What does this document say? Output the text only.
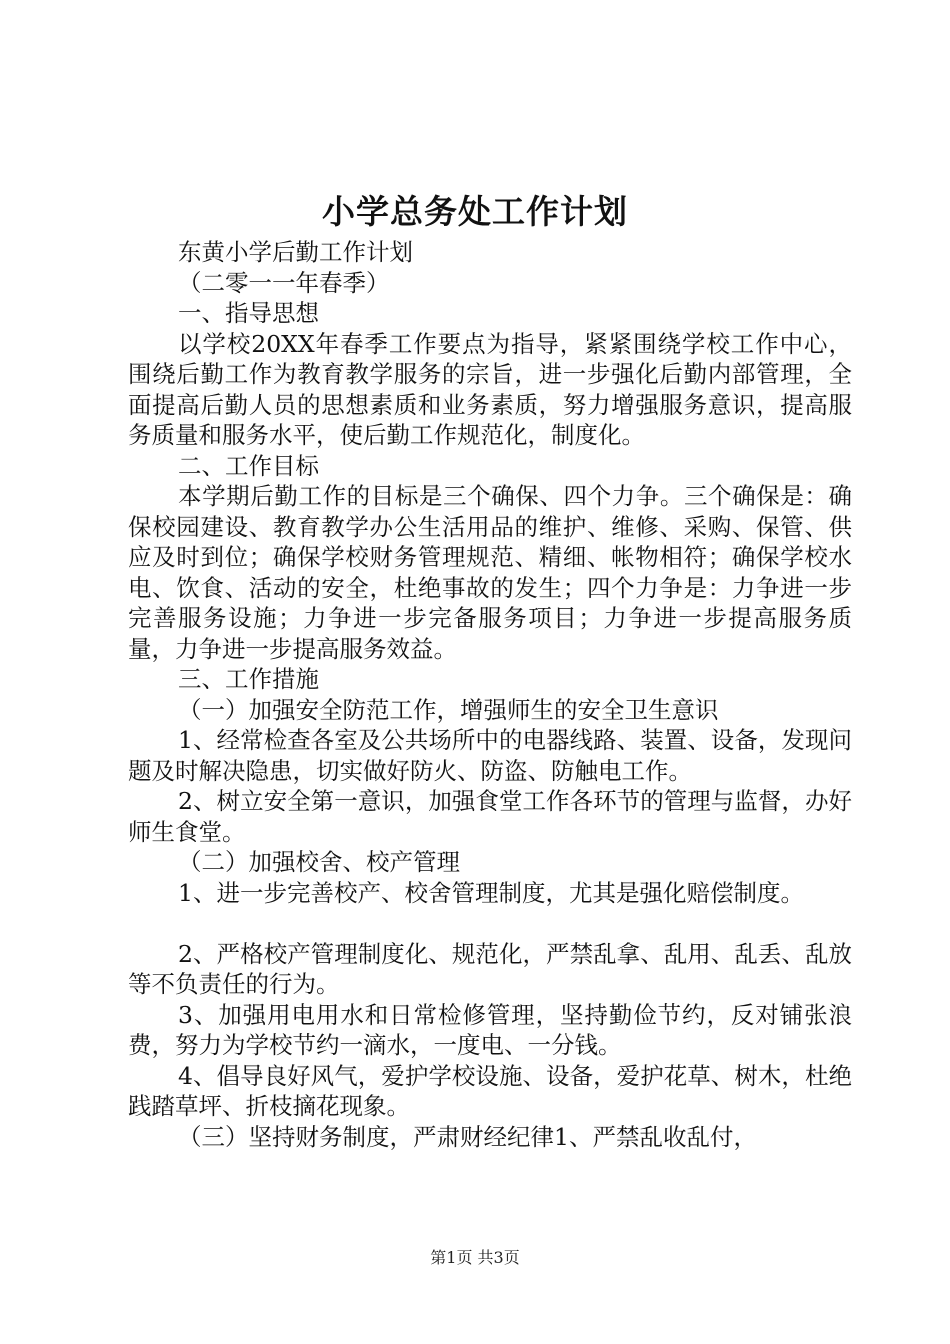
小学总务处工作计划

东黄小学后勤工作计划

（二零一一年春季）

一、指导思想

以学校20XX年春季工作要点为指导，紧紧围绕学校工作中心，围绕后勤工作为教育教学服务的宗旨，进一步强化后勤内部管理，全面提高后勤人员的思想素质和业务素质，努力增强服务意识，提高服务质量和服务水平，使后勤工作规范化，制度化。

二、工作目标

本学期后勤工作的目标是三个确保、四个力争。三个确保是：确保校园建设、教育教学办公生活用品的维护、维修、采购、保管、供应及时到位；确保学校财务管理规范、精细、帐物相符；确保学校水电、饮食、活动的安全，杜绝事故的发生；四个力争是：力争进一步完善服务设施；力争进一步完备服务项目；力争进一步提高服务质量，力争进一步提高服务效益。

三、工作措施

（一）加强安全防范工作，增强师生的安全卫生意识

1、经常检查各室及公共场所中的电器线路、装置、设备，发现问题及时解决隐患，切实做好防火、防盗、防触电工作。

2、树立安全第一意识，加强食堂工作各环节的管理与监督，办好师生食堂。

（二）加强校舍、校产管理

1、进一步完善校产、校舍管理制度，尤其是强化赔偿制度。

2、严格校产管理制度化、规范化，严禁乱拿、乱用、乱丢、乱放等不负责任的行为。

3、加强用电用水和日常检修管理，坚持勤俭节约，反对铺张浪费，努力为学校节约一滴水，一度电、一分钱。

4、倡导良好风气，爱护学校设施、设备，爱护花草、树木，杜绝践踏草坪、折枝摘花现象。

（三）坚持财务制度，严肃财经纪律1、严禁乱收乱付，

第1页 共3页
